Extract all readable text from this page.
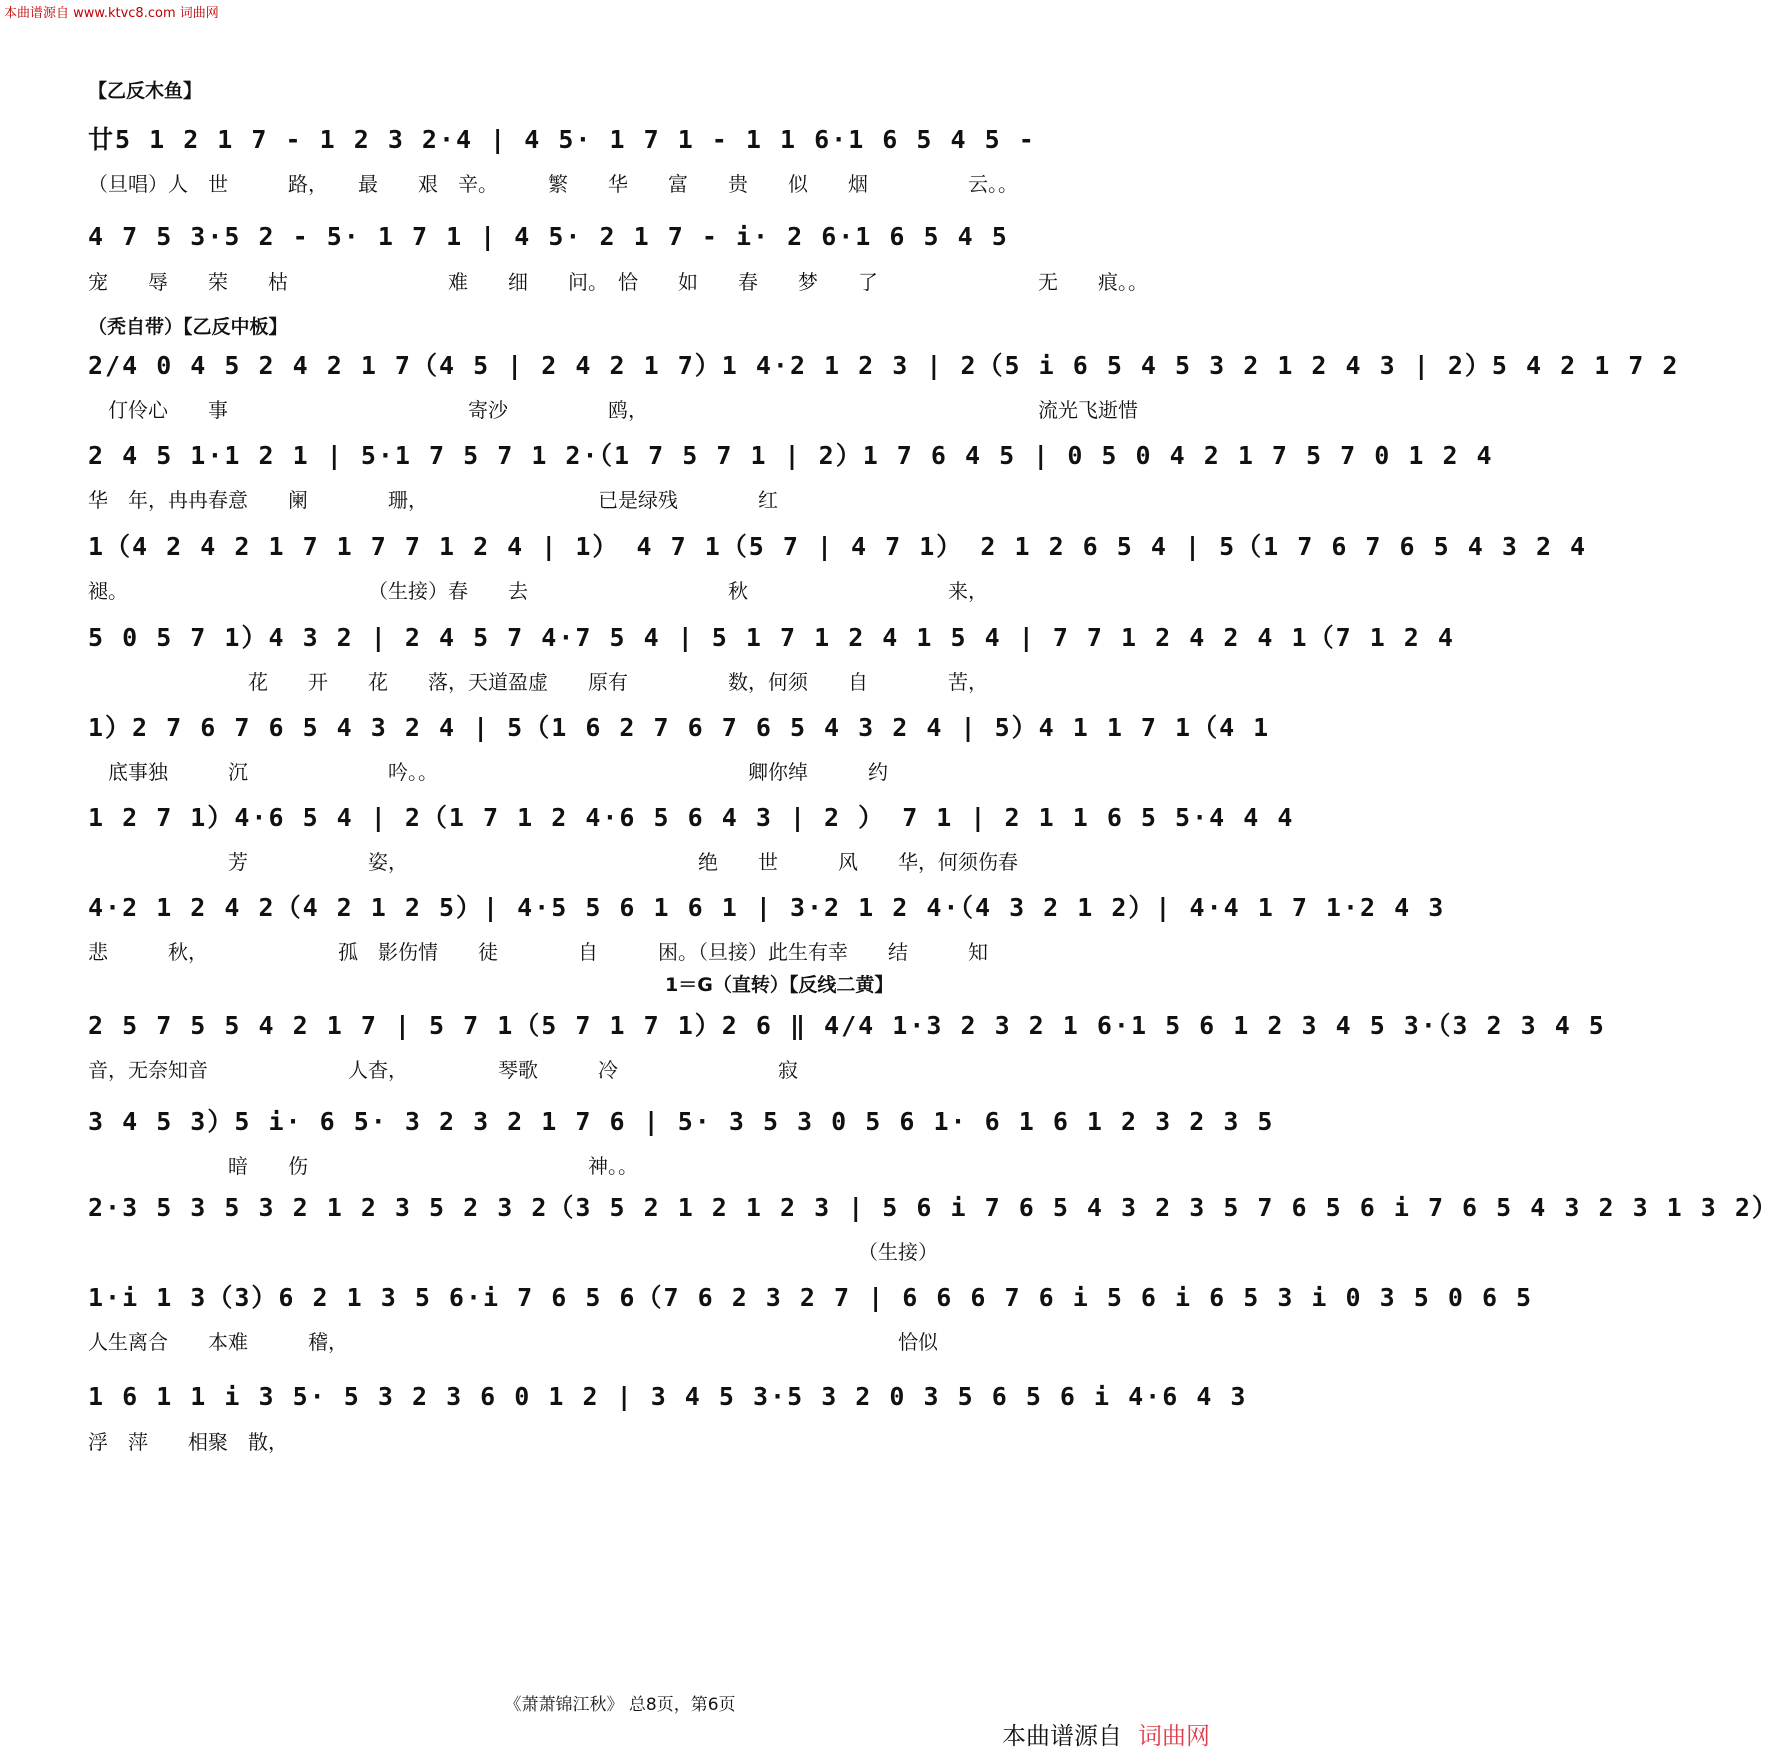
本曲谱源自 www.ktvc8.com 词曲网
【乙反木鱼】
廿5 1 2 1 7 - 1 2 3 2·4 | 4 5· 1 7 1 - 1 1 6·1 6 5 4 5 -
（旦唱）人　世　　　路，　　最　　艰　辛。　　　繁　　华　　富　　贵　　似　　烟　　　　　云。。
4 7 5 3·5 2 - 5· 1 7 1 | 4 5· 2 1 7 - i· 2 6·1 6 5 4 5
宠　　辱　　荣　　枯　　　　　　　　难　　细　　问。　恰　　如　　春　　梦　　了　　　　　　　　无　　痕。。
（秃自带）【乙反中板】
2/4 0 4 5 2 4 2 1 7（4 5 | 2 4 2 1 7）1 4·2 1 2 3 | 2（5 i 6 5 4 5 3 2 1 2 4 3 | 2）5 4 2 1 7 2
　仃伶心　　事　　　　　　　　　　　　寄沙　　　　　鸥，　　　　　　　　　　　　　　　　　　　　流光飞逝惜
2 4 5 1·1 2 1 | 5·1 7 5 7 1 2·（1 7 5 7 1 | 2）1 7 6 4 5 | 0 5 0 4 2 1 7 5 7 0 1 2 4
华　年，冉冉春意　　阑　　　　珊，　　　　　　　　　已是绿残　　　　红
1（4 2 4 2 1 7 1 7 7 1 2 4 | 1） 4 7 1（5 7 | 4 7 1） 2 1 2 6 5 4 | 5（1 7 6 7 6 5 4 3 2 4
褪。　　　　　　　　　　　　　（生接）春　　去　　　　　　　　　　秋　　　　　　　　　　来，
5 0 5 7 1）4 3 2 | 2 4 5 7 4·7 5 4 | 5 1 7 1 2 4 1 5 4 | 7 7 1 2 4 2 4 1（7 1 2 4
　　　　　　　　花　　开　　花　　落，天道盈虚　　原有　　　　　数，何须　　自　　　　苦，
1）2 7 6 7 6 5 4 3 2 4 | 5（1 6 2 7 6 7 6 5 4 3 2 4 | 5）4 1 1 7 1（4 1
　底事独　　　沉　　　　　　　吟。。　　　　　　　　　　　　　　　　卿你绰　　　约
1 2 7 1）4·6 5 4 | 2（1 7 1 2 4·6 5 6 4 3 | 2 ） 7 1 | 2 1 1 6 5 5·4 4 4
　　　　　　　芳　　　　　　姿，　　　　　　　　　　　　　　　绝　　世　　　风　　华，何须伤春
4·2 1 2 4 2（4 2 1 2 5）| 4·5 5 6 1 6 1 | 3·2 1 2 4·（4 3 2 1 2）| 4·4 1 7 1·2 4 3
悲　　　秋，　　　　　　　孤　影伤情　　徒　　　　自　　　困。（旦接）此生有幸　　结　　　知
1＝G（直转）【反线二黄】
2 5 7 5 5 4 2 1 7 | 5 7 1（5 7 1 7 1）2 6 ‖ 4/4 1·3 2 3 2 1 6·1 5 6 1 2 3 4 5 3·（3 2 3 4 5
音，无奈知音　　　　　　　人杳，　　　　　琴歌　　　冷　　　　　　　　寂
3 4 5 3）5 i· 6 5· 3 2 3 2 1 7 6 | 5· 3 5 3 0 5 6 1· 6 1 6 1 2 3 2 3 5
　　　　　　　暗　　伤　　　　　　　　　　　　　　神。。
2·3 5 3 5 3 2 1 2 3 5 2 3 2（3 5 2 1 2 1 2 3 | 5 6 i 7 6 5 4 3 2 3 5 7 6 5 6 i 7 6 5 4 3 2 3 1 3 2）
　　　　　　　　　　　　　　　　　　　　　　　　　　　　　　　　　　　　　　　（生接）
1·i 1 3（3）6 2 1 3 5 6·i 7 6 5 6（7 6 2 3 2 7 | 6 6 6 7 6 i 5 6 i 6 5 3 i 0 3 5 0 6 5
人生离合　　本难　　　稽，　　　　　　　　　　　　　　　　　　　　　　　　　　　　恰似
1 6 1 1 i 3 5· 5 3 2 3 6 0 1 2 | 3 4 5 3·5 3 2 0 3 5 6 5 6 i 4·6 4 3
浮　萍　　相聚　散，
《萧萧锦江秋》 总8页，第6页
本曲谱源自 词曲网
